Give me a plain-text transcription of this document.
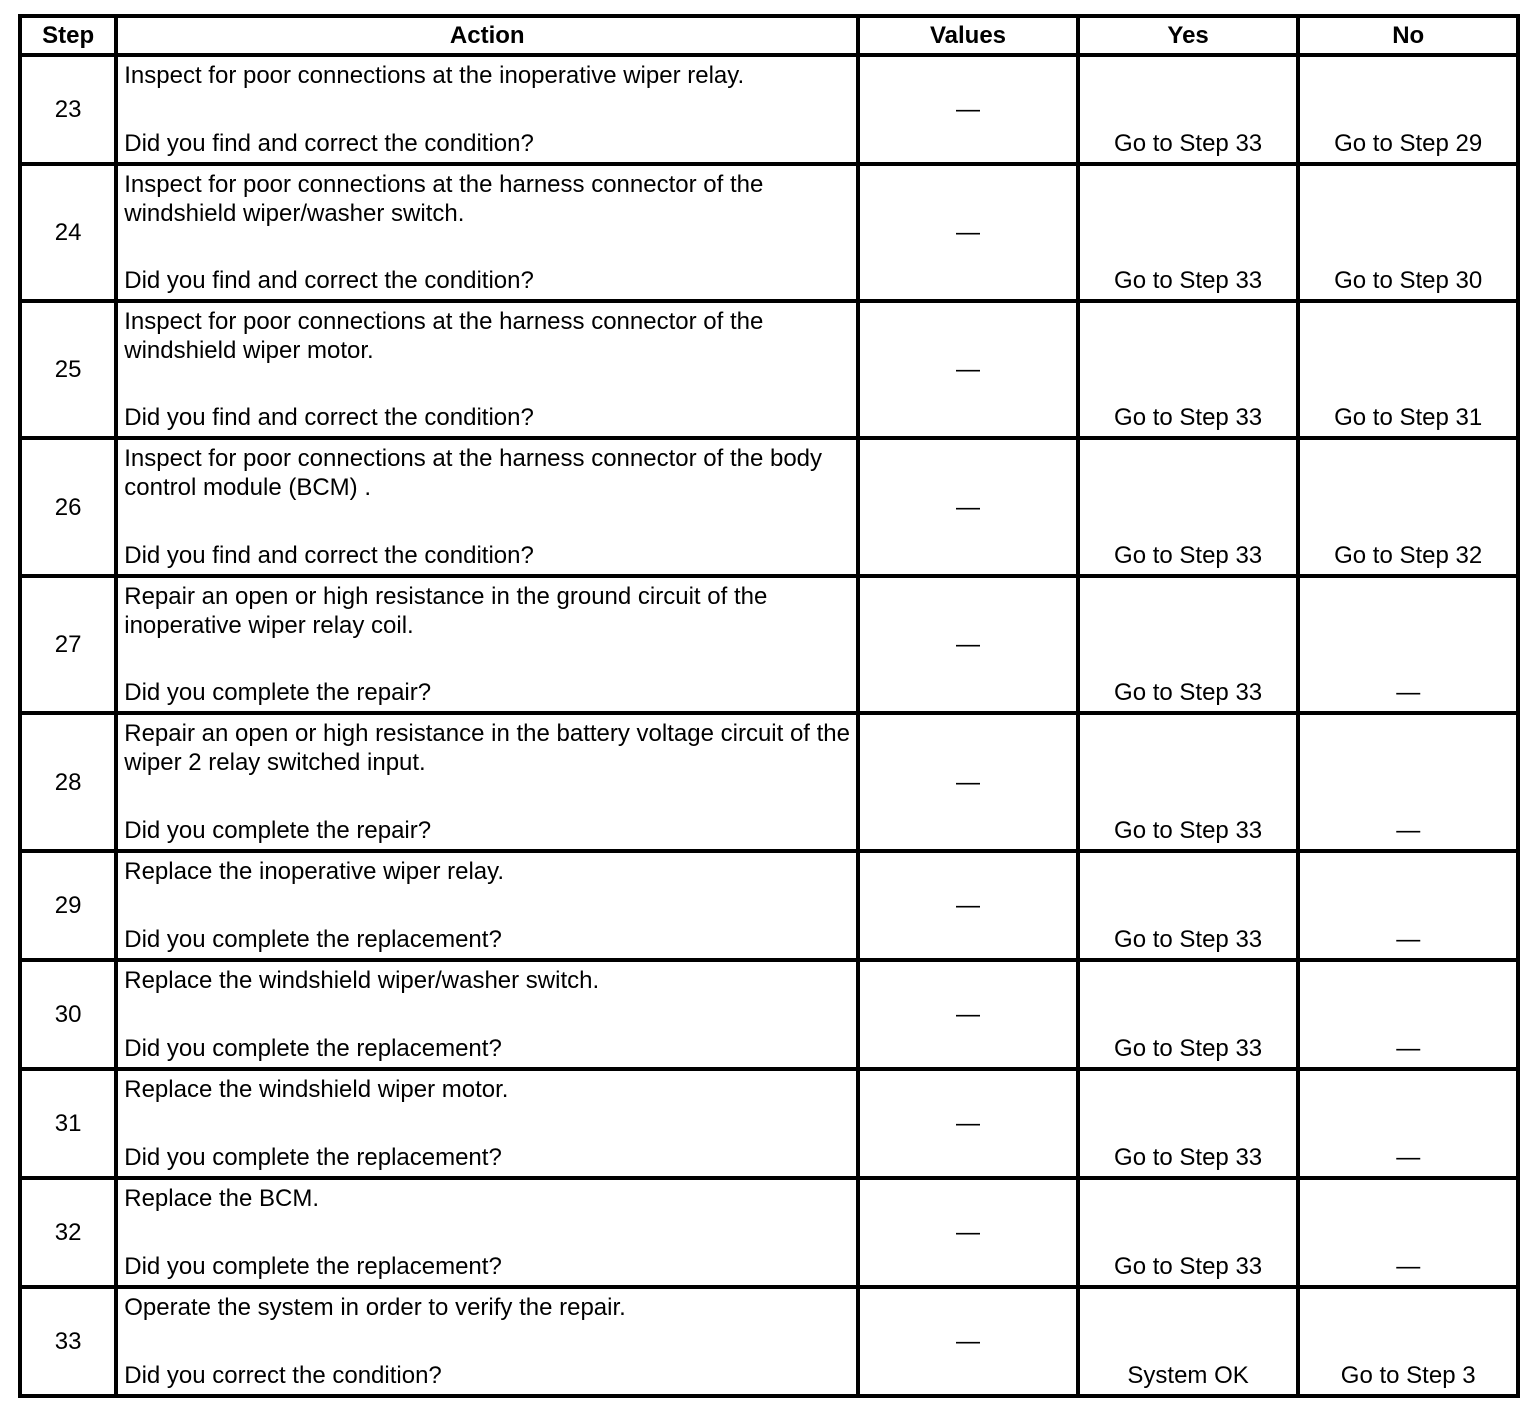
Step	Action	Values	Yes	No
23	Inspect for poor connections at the inoperative wiper relay.
Did you find and correct the condition?	—	Go to Step 33	Go to Step 29
24	Inspect for poor connections at the harness connector of the windshield wiper/washer switch.
Did you find and correct the condition?	—	Go to Step 33	Go to Step 30
25	Inspect for poor connections at the harness connector of the windshield wiper motor.
Did you find and correct the condition?	—	Go to Step 33	Go to Step 31
26	Inspect for poor connections at the harness connector of the body control module (BCM) .
Did you find and correct the condition?	—	Go to Step 33	Go to Step 32
27	Repair an open or high resistance in the ground circuit of the inoperative wiper relay coil.
Did you complete the repair?	—	Go to Step 33	—
28	Repair an open or high resistance in the battery voltage circuit of the wiper 2 relay switched input.
Did you complete the repair?	—	Go to Step 33	—
29	Replace the inoperative wiper relay.
Did you complete the replacement?	—	Go to Step 33	—
30	Replace the windshield wiper/washer switch.
Did you complete the replacement?	—	Go to Step 33	—
31	Replace the windshield wiper motor.
Did you complete the replacement?	—	Go to Step 33	—
32	Replace the BCM.
Did you complete the replacement?	—	Go to Step 33	—
33	Operate the system in order to verify the repair.
Did you correct the condition?	—	System OK	Go to Step 3
